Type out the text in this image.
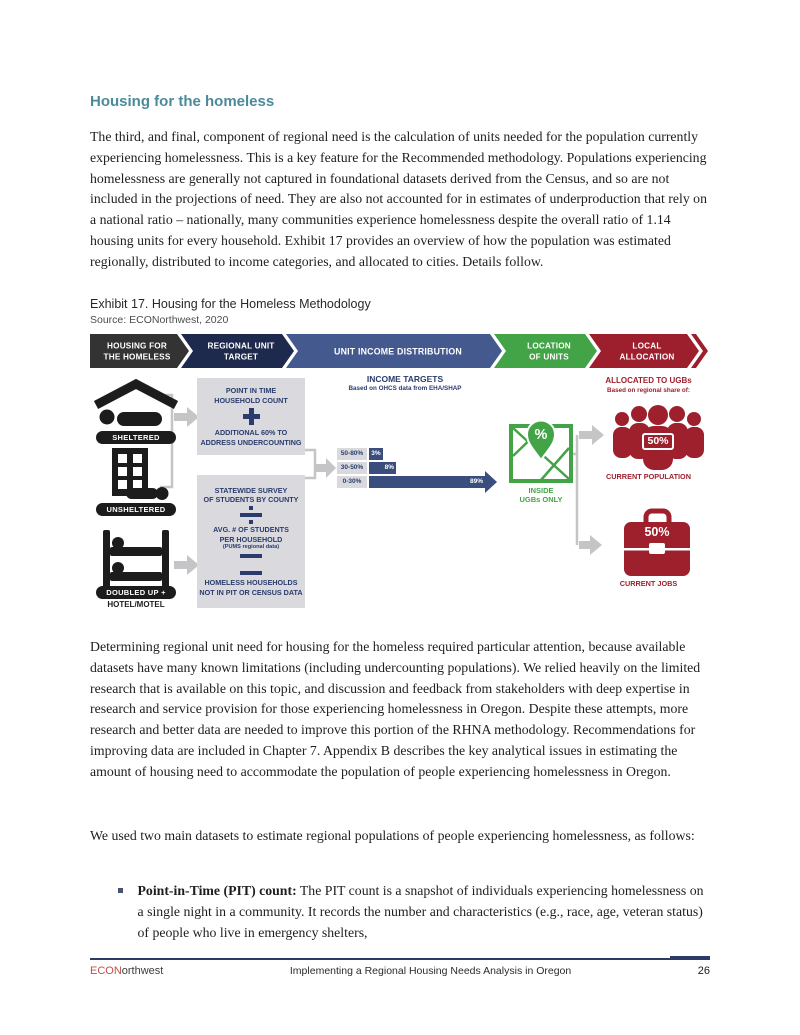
Housing for the homeless

The third, and final, component of regional need is the calculation of units needed for the population currently experiencing homelessness. This is a key feature for the Recommended methodology. Populations experiencing homelessness are generally not captured in foundational datasets derived from the Census, and so are not included in the projections of need. They are also not accounted for in estimates of underproduction that rely on a national ratio – nationally, many communities experience homelessness despite the overall ratio of 1.14 housing units for every household. Exhibit 17 provides an overview of how the population was estimated regionally, distributed to income categories, and allocated to cities. Details follow.

Exhibit 17. Housing for the Homeless Methodology
Source: ECONorthwest, 2020
HOUSING FOR
THE HOMELESS
REGIONAL UNIT
TARGET
UNIT INCOME DISTRIBUTION
LOCATION
OF UNITS
LOCAL
ALLOCATION
SHELTERED
UNSHELTERED
DOUBLED UP +
HOTEL/MOTEL
POINT IN TIME
HOUSEHOLD COUNT
ADDITIONAL 60% TO
ADDRESS UNDERCOUNTING
STATEWIDE SURVEY
OF STUDENTS BY COUNTY
AVG. # OF STUDENTS
PER HOUSEHOLD
(PUMS regional data)
HOMELESS HOUSEHOLDS
NOT IN PIT OR CENSUS DATA
INCOME TARGETS
Based on OHCS data from EHA/SHAP
50-80%	3%
30-50%	8%
0-30%	89%
%
INSIDE
UGBs ONLY
ALLOCATED TO UGBs
Based on regional share of:
50%
CURRENT POPULATION
50%
CURRENT JOBS

Determining regional unit need for housing for the homeless required particular attention, because available datasets have many known limitations (including undercounting populations). We relied heavily on the limited research that is available on this topic, and discussion and feedback from stakeholders with deep expertise in research and service provision for those experiencing homelessness in Oregon. Despite these attempts, more research and better data are needed to improve this portion of the RHNA methodology. Recommendations for improving data are included in Chapter 7. Appendix B describes the key analytical issues in estimating the amount of housing need to accommodate the population of people experiencing homelessness in Oregon.

We used two main datasets to estimate regional populations of people experiencing homelessness, as follows:

Point-in-Time (PIT) count: The PIT count is a snapshot of individuals experiencing homelessness on a single night in a community. It records the number and characteristics (e.g., race, age, veteran status) of people who live in emergency shelters,

ECONorthwest	Implementing a Regional Housing Needs Analysis in Oregon	26
